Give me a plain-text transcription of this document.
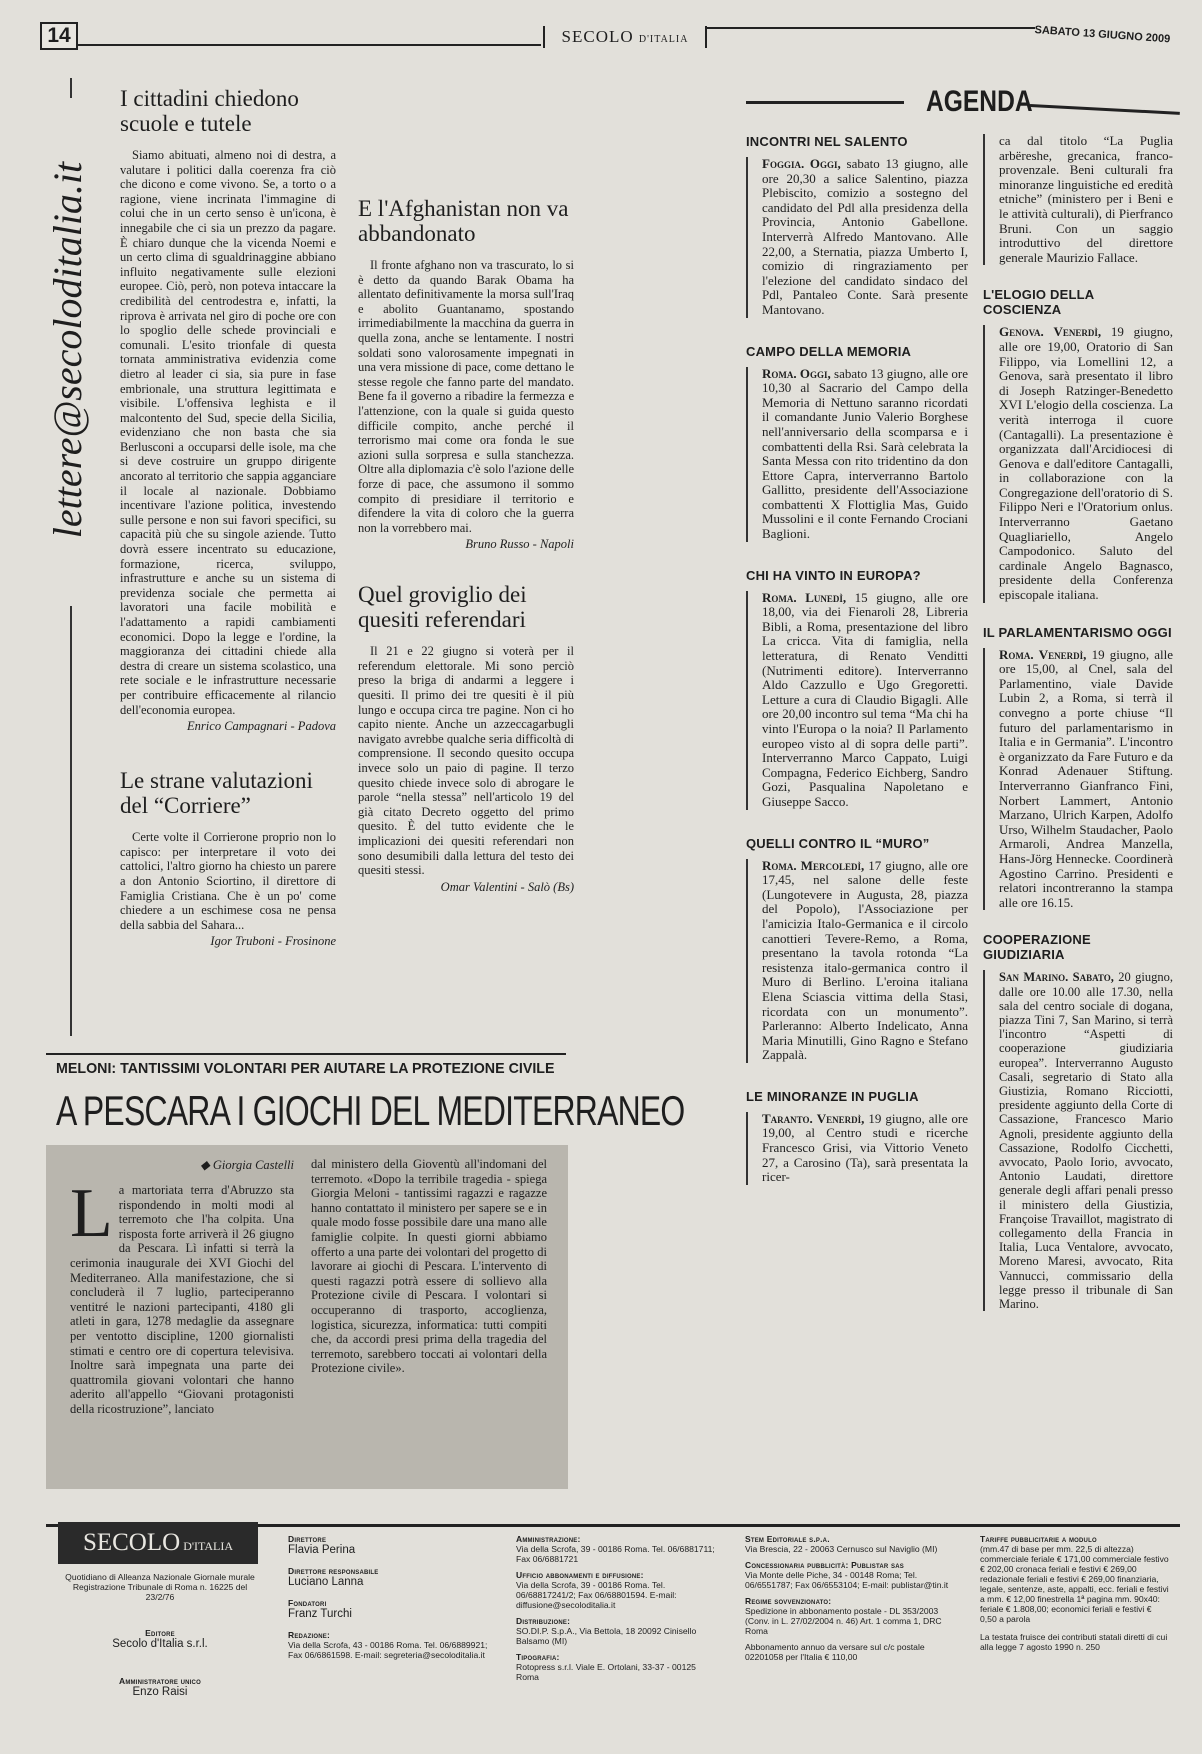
14	SECOLO D'ITALIA	SABATO 13 GIUGNO 2009
lettere@secoloditalia.it
I cittadini chiedono scuole e tutele

Siamo abituati, almeno noi di destra, a valutare i politici dalla coerenza fra ciò che dicono e come vivono. Se, a torto o a ragione, viene incrinata l'immagine di colui che in un certo senso è un'icona, è innegabile che ci sia un prezzo da pagare. È chiaro dunque che la vicenda Noemi e un certo clima di sgualdrinaggine abbiano influito negativamente sulle elezioni europee. Ciò, però, non poteva intaccare la credibilità del centrodestra e, infatti, la riprova è arrivata nel giro di poche ore con lo spoglio delle schede provinciali e comunali. L'esito trionfale di questa tornata amministrativa evidenzia come dietro al leader ci sia, sia pure in fase embrionale, una struttura legittimata e visibile. L'offensiva leghista e il malcontento del Sud, specie della Sicilia, evidenziano che non basta che sia Berlusconi a occuparsi delle isole, ma che si deve costruire un gruppo dirigente ancorato al territorio che sappia agganciare il locale al nazionale. Dobbiamo incentivare l'azione politica, investendo sulle persone e non sui favori specifici, su capacità più che su singole aziende. Tutto dovrà essere incentrato su educazione, formazione, ricerca, sviluppo, infrastrutture e anche su un sistema di previdenza sociale che permetta ai lavoratori una facile mobilità e l'adattamento a rapidi cambiamenti economici. Dopo la legge e l'ordine, la maggioranza dei cittadini chiede alla destra di creare un sistema scolastico, una rete sociale e le infrastrutture necessarie per contribuire efficacemente al rilancio dell'economia europea.

Enrico Campagnari - Padova

Le strane valutazioni del “Corriere”

Certe volte il Corrierone proprio non lo capisco: per interpretare il voto dei cattolici, l'altro giorno ha chiesto un parere a don Antonio Sciortino, il direttore di Famiglia Cristiana. Che è un po' come chiedere a un eschimese cosa ne pensa della sabbia del Sahara...

Igor Truboni - Frosinone

E l'Afghanistan non va abbandonato

Il fronte afghano non va trascurato, lo si è detto da quando Barak Obama ha allentato definitivamente la morsa sull'Iraq e abolito Guantanamo, spostando irrimediabilmente la macchina da guerra in quella zona, anche se lentamente. I nostri soldati sono valorosamente impegnati in una vera missione di pace, come dettano le stesse regole che fanno parte del mandato. Bene fa il governo a ribadire la fermezza e l'attenzione, con la quale si guida questo difficile compito, anche perché il terrorismo mai come ora fonda le sue azioni sulla sorpresa e sulla stanchezza. Oltre alla diplomazia c'è solo l'azione delle forze di pace, che assumono il sommo compito di presidiare il territorio e difendere la vita di coloro che la guerra non la vorrebbero mai.

Bruno Russo - Napoli

Quel groviglio dei quesiti referendari

Il 21 e 22 giugno si voterà per il referendum elettorale. Mi sono perciò preso la briga di andarmi a leggere i quesiti. Il primo dei tre quesiti è il più lungo e occupa circa tre pagine. Non ci ho capito niente. Anche un azzeccagarbugli navigato avrebbe qualche seria difficoltà di comprensione. Il secondo quesito occupa invece solo un paio di pagine. Il terzo quesito chiede invece solo di abrogare le parole “nella stessa” nell'articolo 19 del già citato Decreto oggetto del primo quesito. È del tutto evidente che le implicazioni dei quesiti referendari non sono desumibili dalla lettura del testo dei quesiti stessi.

Omar Valentini - Salò (Bs)

MELONI: TANTISSIMI VOLONTARI PER AIUTARE LA PROTEZIONE CIVILE
A PESCARA I GIOCHI DEL MEDITERRANEO
◆ Giorgia Castelli
L a martoriata terra d'Abruzzo sta rispondendo in molti modi al terremoto che l'ha colpita. Una risposta forte arriverà il 26 giugno da Pescara. Lì infatti si terrà la cerimonia inaugurale dei XVI Giochi del Mediterraneo. Alla manifestazione, che si concluderà il 7 luglio, parteciperanno ventitré le nazioni partecipanti, 4180 gli atleti in gara, 1278 medaglie da assegnare per ventotto discipline, 1200 giornalisti stimati e centro ore di copertura televisiva. Inoltre sarà impegnata una parte dei quattromila giovani volontari che hanno aderito all'appello “Giovani protagonisti della ricostruzione”, lanciato

dal ministero della Gioventù all'indomani del terremoto. «Dopo la terribile tragedia - spiega Giorgia Meloni - tantissimi ragazzi e ragazze hanno contattato il ministero per sapere se e in quale modo fosse possibile dare una mano alle famiglie colpite. In questi giorni abbiamo offerto a una parte dei volontari del progetto di lavorare ai giochi di Pescara. L'intervento di questi ragazzi potrà essere di sollievo alla Protezione civile di Pescara. I volontari si occuperanno di trasporto, accoglienza, logistica, sicurezza, informatica: tutti compiti che, da accordi presi prima della tragedia del terremoto, sarebbero toccati ai volontari della Protezione civile».

AGENDA
INCONTRI NEL SALENTO
Foggia. Oggi, sabato 13 giugno, alle ore 20,30 a salice Salentino, piazza Plebiscito, comizio a sostegno del candidato del Pdl alla presidenza della Provincia, Antonio Gabellone. Interverrà Alfredo Mantovano. Alle 22,00, a Sternatia, piazza Umberto I, comizio di ringraziamento per l'elezione del candidato sindaco del Pdl, Pantaleo Conte. Sarà presente Mantovano.
CAMPO DELLA MEMORIA
Roma. Oggi, sabato 13 giugno, alle ore 10,30 al Sacrario del Campo della Memoria di Nettuno saranno ricordati il comandante Junio Valerio Borghese nell'anniversario della scomparsa e i combattenti della Rsi. Sarà celebrata la Santa Messa con rito tridentino da don Ettore Capra, interverranno Bartolo Gallitto, presidente dell'Associazione combattenti X Flottiglia Mas, Guido Mussolini e il conte Fernando Crociani Baglioni.
CHI HA VINTO IN EUROPA?
Roma. Lunedì, 15 giugno, alle ore 18,00, via dei Fienaroli 28, Libreria Bibli, a Roma, presentazione del libro La cricca. Vita di famiglia, nella letteratura, di Renato Venditti (Nutrimenti editore). Interverranno Aldo Cazzullo e Ugo Gregoretti. Letture a cura di Claudio Bigagli. Alle ore 20,00 incontro sul tema “Ma chi ha vinto l'Europa o la noia? Il Parlamento europeo visto al di sopra delle parti”. Interverranno Marco Cappato, Luigi Compagna, Federico Eichberg, Sandro Gozi, Pasqualina Napoletano e Giuseppe Sacco.
QUELLI CONTRO IL “MURO”
Roma. Mercoledì, 17 giugno, alle ore 17,45, nel salone delle feste (Lungotevere in Augusta, 28, piazza del Popolo), l'Associazione per l'amicizia Italo-Germanica e il circolo canottieri Tevere-Remo, a Roma, presentano la tavola rotonda “La resistenza italo-germanica contro il Muro di Berlino. L'eroina italiana Elena Sciascia vittima della Stasi, ricordata con un monumento”. Parleranno: Alberto Indelicato, Anna Maria Minutilli, Gino Ragno e Stefano Zappalà.
LE MINORANZE IN PUGLIA
Taranto. Venerdì, 19 giugno, alle ore 19,00, al Centro studi e ricerche Francesco Grisi, via Vittorio Veneto 27, a Carosino (Ta), sarà presentata la ricer-
ca dal titolo “La Puglia arbëreshe, grecanica, franco-provenzale. Beni culturali fra minoranze linguistiche ed eredità etniche” (ministero per i Beni e le attività culturali), di Pierfranco Bruni. Con un saggio introduttivo del direttore generale Maurizio Fallace.
L'ELOGIO DELLA COSCIENZA
Genova. Venerdì, 19 giugno, alle ore 19,00, Oratorio di San Filippo, via Lomellini 12, a Genova, sarà presentato il libro di Joseph Ratzinger-Benedetto XVI L'elogio della coscienza. La verità interroga il cuore (Cantagalli). La presentazione è organizzata dall'Arcidiocesi di Genova e dall'editore Cantagalli, in collaborazione con la Congregazione dell'oratorio di S. Filippo Neri e l'Oratorium onlus. Interverranno Gaetano Quagliariello, Angelo Campodonico. Saluto del cardinale Angelo Bagnasco, presidente della Conferenza episcopale italiana.
IL PARLAMENTARISMO OGGI
Roma. Venerdì, 19 giugno, alle ore 15,00, al Cnel, sala del Parlamentino, viale Davide Lubin 2, a Roma, si terrà il convegno a porte chiuse “Il futuro del parlamentarismo in Italia e in Germania”. L'incontro è organizzato da Fare Futuro e da Konrad Adenauer Stiftung. Interverranno Gianfranco Fini, Norbert Lammert, Antonio Marzano, Ulrich Karpen, Adolfo Urso, Wilhelm Staudacher, Paolo Armaroli, Andrea Manzella, Hans-Jörg Hennecke. Coordinerà Agostino Carrino. Presidenti e relatori incontreranno la stampa alle ore 16.15.
COOPERAZIONE GIUDIZIARIA
San Marino. Sabato, 20 giugno, dalle ore 10.00 alle 17.30, nella sala del centro sociale di dogana, piazza Tini 7, San Marino, si terrà l'incontro “Aspetti di cooperazione giudiziaria europea”. Interverranno Augusto Casali, segretario di Stato alla Giustizia, Romano Ricciotti, presidente aggiunto della Corte di Cassazione, Francesco Mario Agnoli, presidente aggiunto della Cassazione, Rodolfo Cicchetti, avvocato, Paolo Iorio, avvocato, Antonio Laudati, direttore generale degli affari penali presso il ministero della Giustizia, Françoise Travaillot, magistrato di collegamento della Francia in Italia, Luca Ventalore, avvocato, Moreno Maresi, avvocato, Rita Vannucci, commissario della legge presso il tribunale di San Marino.
SECOLO D'ITALIA
Quotidiano di Alleanza Nazionale Giornale murale Registrazione Tribunale di Roma n. 16225 del 23/2/76
Editore
Secolo d'Italia s.r.l.
Amministratore unico
Enzo Raisi
Direttore
Flavia Perina
Direttore responsabile
Luciano Lanna
Fondatori
Franz Turchi
Redazione:
Via della Scrofa, 43 - 00186 Roma. Tel. 06/6889921; Fax 06/6861598. E-mail: segreteria@secoloditalia.it
Amministrazione:
Via della Scrofa, 39 - 00186 Roma. Tel. 06/6881711; Fax 06/6881721
Ufficio abbonamenti e diffusione:
Via della Scrofa, 39 - 00186 Roma. Tel. 06/68817241/2; Fax 06/68801594. E-mail: diffusione@secoloditalia.it
Distribuzione:
SO.DI.P. S.p.A., Via Bettola, 18 20092 Cinisello Balsamo (MI)
Tipografia:
Rotopress s.r.l. Viale E. Ortolani, 33-37 - 00125 Roma
Stem Editoriale s.p.a.
Via Brescia, 22 - 20063 Cernusco sul Naviglio (MI)
Concessionaria pubblicità: Publistar sas
Via Monte delle Piche, 34 - 00148 Roma; Tel. 06/6551787; Fax 06/6553104; E-mail: publistar@tin.it
Regime sovvenzionato:
Spedizione in abbonamento postale - DL 353/2003 (Conv. in L. 27/02/2004 n. 46) Art. 1 comma 1, DRC Roma
Abbonamento annuo da versare sul c/c postale 02201058 per l'Italia € 110,00
Tariffe pubblicitarie a modulo
(mm.47 di base per mm. 22,5 di altezza) commerciale feriale € 171,00 commerciale festivo € 202,00 cronaca feriali e festivi € 269,00 redazionale feriali e festivi € 269,00 finanziaria, legale, sentenze, aste, appalti, ecc. feriali e festivi a mm. € 12,00 finestrella 1ª pagina mm. 90x40: feriale € 1.808,00; economici feriali e festivi € 0,50 a parola
La testata fruisce dei contributi statali diretti di cui alla legge 7 agosto 1990 n. 250
